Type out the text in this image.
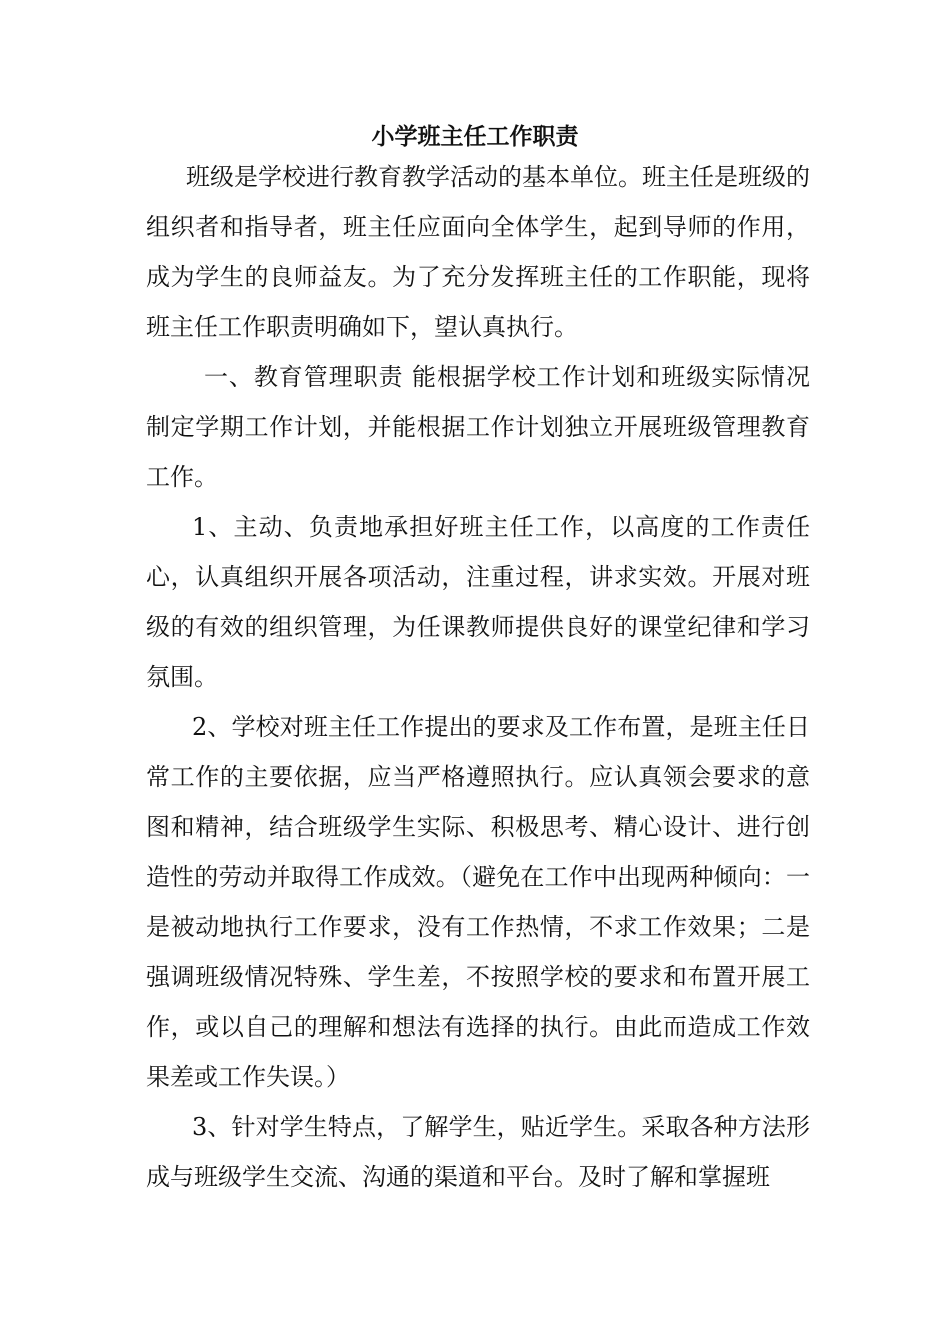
小学班主任工作职责

班级是学校进行教育教学活动的基本单位。班主任是班级的组织者和指导者，班主任应面向全体学生，起到导师的作用，成为学生的良师益友。为了充分发挥班主任的工作职能，现将班主任工作职责明确如下，望认真执行。

一、教育管理职责 能根据学校工作计划和班级实际情况制定学期工作计划，并能根据工作计划独立开展班级管理教育工作。

1、主动、负责地承担好班主任工作，以高度的工作责任心，认真组织开展各项活动，注重过程，讲求实效。开展对班级的有效的组织管理，为任课教师提供良好的课堂纪律和学习氛围。

2、学校对班主任工作提出的要求及工作布置，是班主任日常工作的主要依据，应当严格遵照执行。应认真领会要求的意图和精神，结合班级学生实际、积极思考、精心设计、进行创造性的劳动并取得工作成效。（避免在工作中出现两种倾向：一是被动地执行工作要求，没有工作热情，不求工作效果；二是强调班级情况特殊、学生差，不按照学校的要求和布置开展工作，或以自己的理解和想法有选择的执行。由此而造成工作效果差或工作失误。）

3、针对学生特点，了解学生，贴近学生。采取各种方法形成与班级学生交流、沟通的渠道和平台。及时了解和掌握班
